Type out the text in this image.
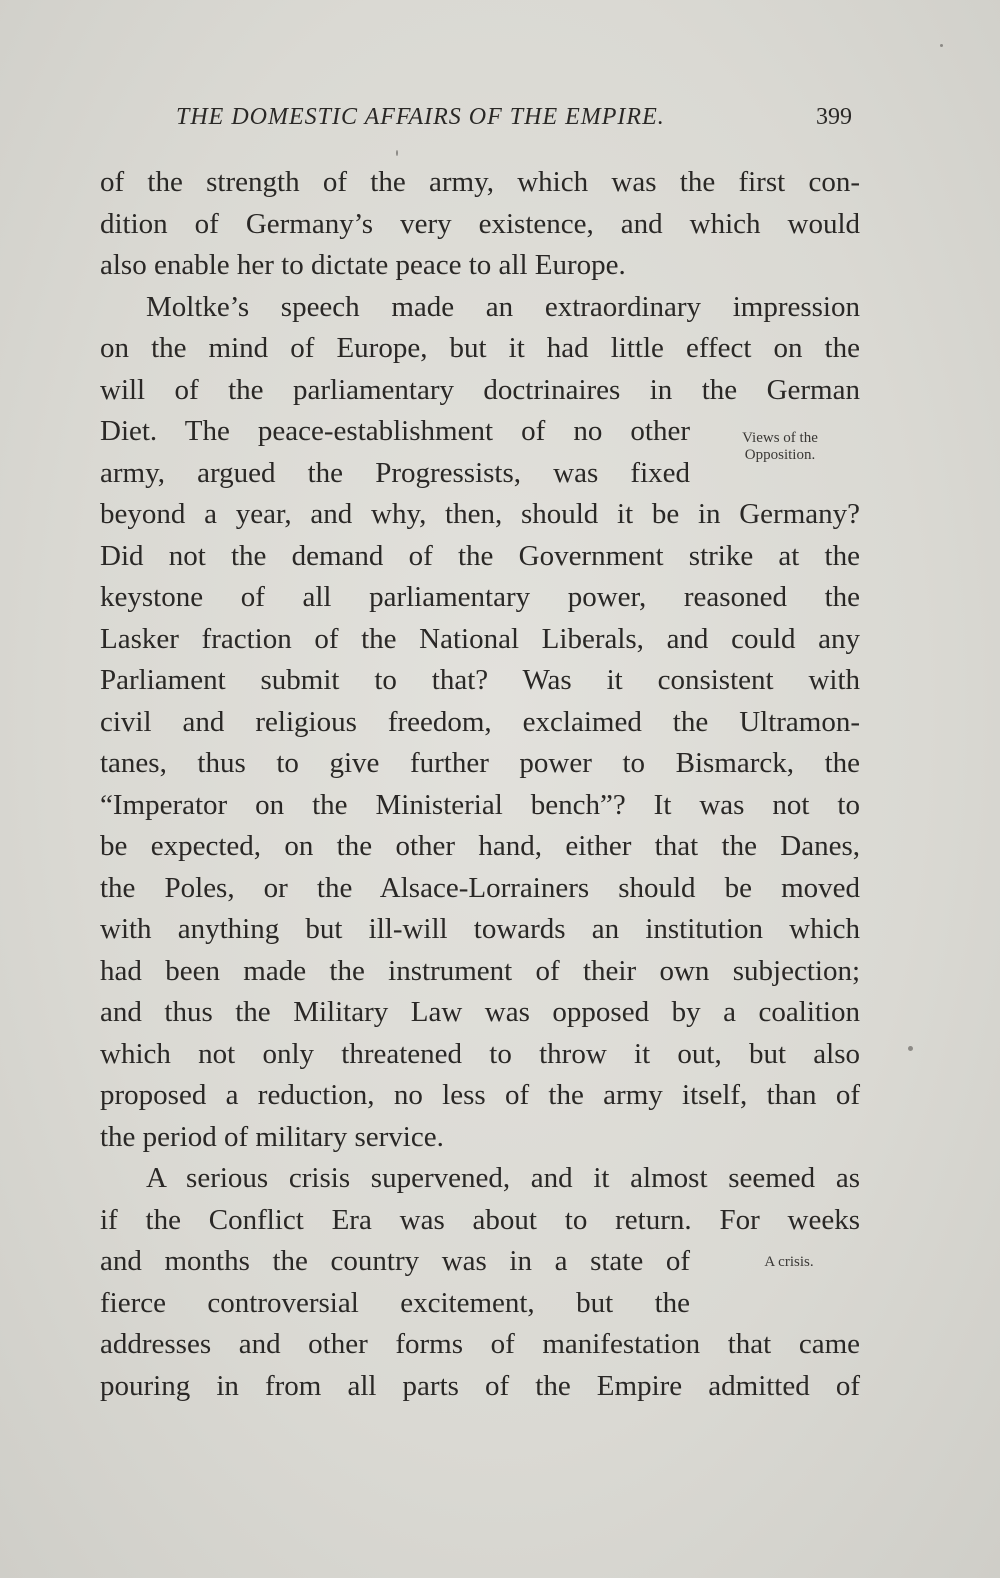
THE DOMESTIC AFFAIRS OF THE EMPIRE.	399
of the strength of the army, which was the first con-
dition of Germany’s very existence, and which would
also enable her to dictate peace to all Europe.
Moltke’s speech made an extraordinary impression
on the mind of Europe, but it had little effect on the
will of the parliamentary doctrinaires in the German
Diet. The peace-establishment of no other
army, argued the Progressists, was fixed
beyond a year, and why, then, should it be in Germany?
Did not the demand of the Government strike at the
keystone of all parliamentary power, reasoned the
Lasker fraction of the National Liberals, and could any
Parliament submit to that? Was it consistent with
civil and religious freedom, exclaimed the Ultramon-
tanes, thus to give further power to Bismarck, the
“Imperator on the Ministerial bench”? It was not to
be expected, on the other hand, either that the Danes,
the Poles, or the Alsace-Lorrainers should be moved
with anything but ill-will towards an institution which
had been made the instrument of their own subjection;
and thus the Military Law was opposed by a coalition
which not only threatened to throw it out, but also
proposed a reduction, no less of the army itself, than of
the period of military service.
A serious crisis supervened, and it almost seemed as
if the Conflict Era was about to return. For weeks
and months the country was in a state of
fierce controversial excitement, but the
addresses and other forms of manifestation that came
pouring in from all parts of the Empire admitted of
Views of the
Opposition.
A crisis.
